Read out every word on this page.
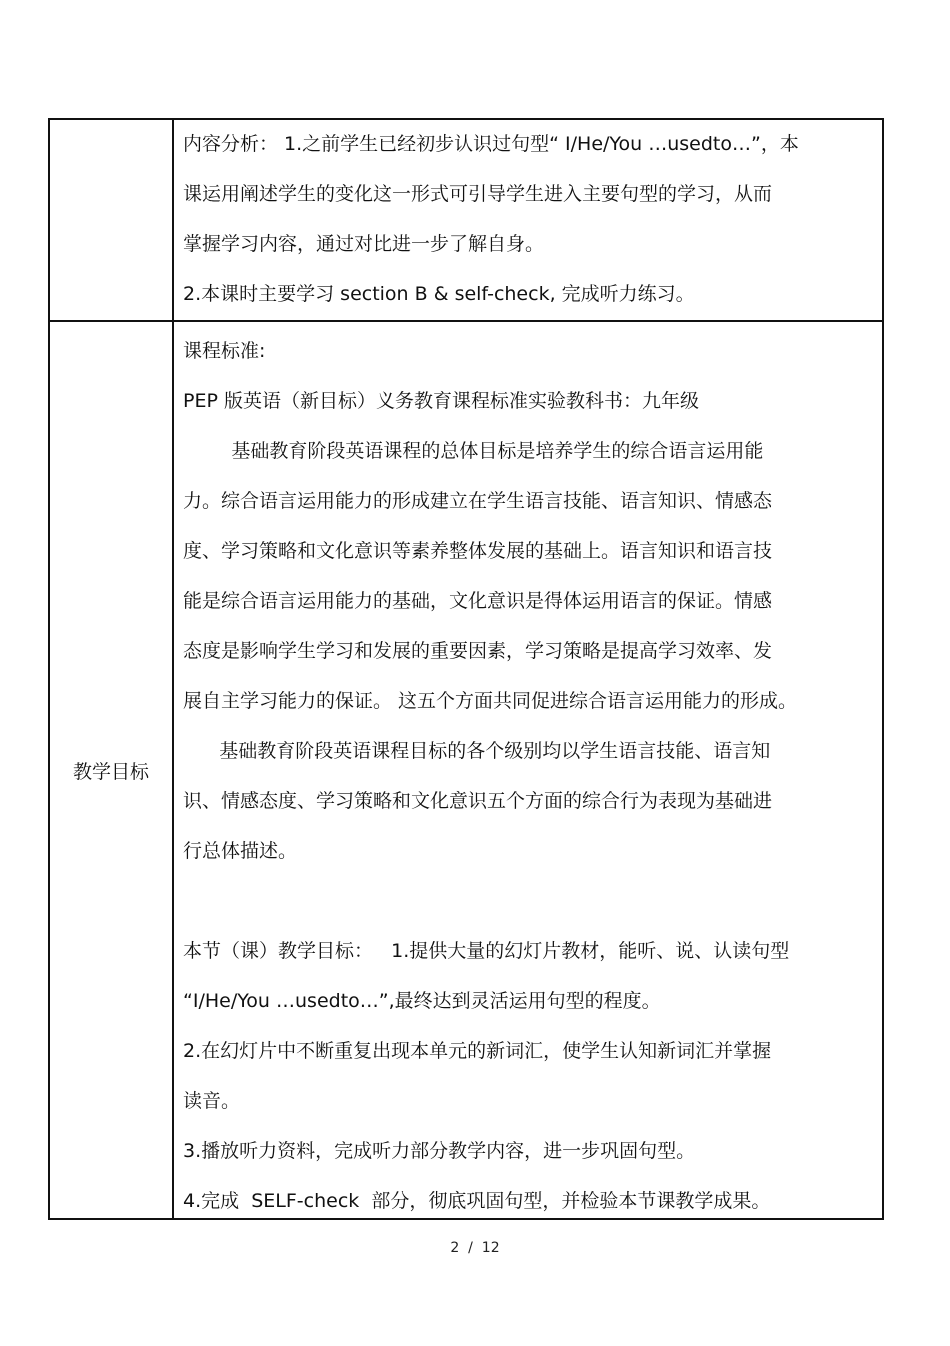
内容分析： 1.之前学生已经初步认识过句型“ I/He/You …usedto…”，本
课运用阐述学生的变化这一形式可引导学生进入主要句型的学习，从而
掌握学习内容，通过对比进一步了解自身。
2.本课时主要学习 section B & self-check, 完成听力练习。
教学目标
课程标准:
PEP 版英语（新目标）义务教育课程标准实验教科书：九年级
基础教育阶段英语课程的总体目标是培养学生的综合语言运用能
力。综合语言运用能力的形成建立在学生语言技能、语言知识、情感态
度、学习策略和文化意识等素养整体发展的基础上。语言知识和语言技
能是综合语言运用能力的基础，文化意识是得体运用语言的保证。情感
态度是影响学生学习和发展的重要因素，学习策略是提高学习效率、发
展自主学习能力的保证。 这五个方面共同促进综合语言运用能力的形成。
基础教育阶段英语课程目标的各个级别均以学生语言技能、语言知
识、情感态度、学习策略和文化意识五个方面的综合行为表现为基础进
行总体描述。
本节（课）教学目标：   1.提供大量的幻灯片教材，能听、说、认读句型
“I/He/You …usedto…”,最终达到灵活运用句型的程度。
2.在幻灯片中不断重复出现本单元的新词汇，使学生认知新词汇并掌握
读音。
3.播放听力资料，完成听力部分教学内容，进一步巩固句型。
4.完成  SELF-check  部分，彻底巩固句型，并检验本节课教学成果。
2  /  12
